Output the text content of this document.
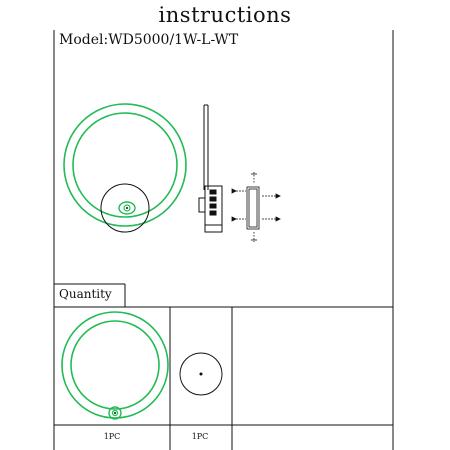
instructions
Model:WD5000/1W-L-WT
Quantity
1PC	1PC
